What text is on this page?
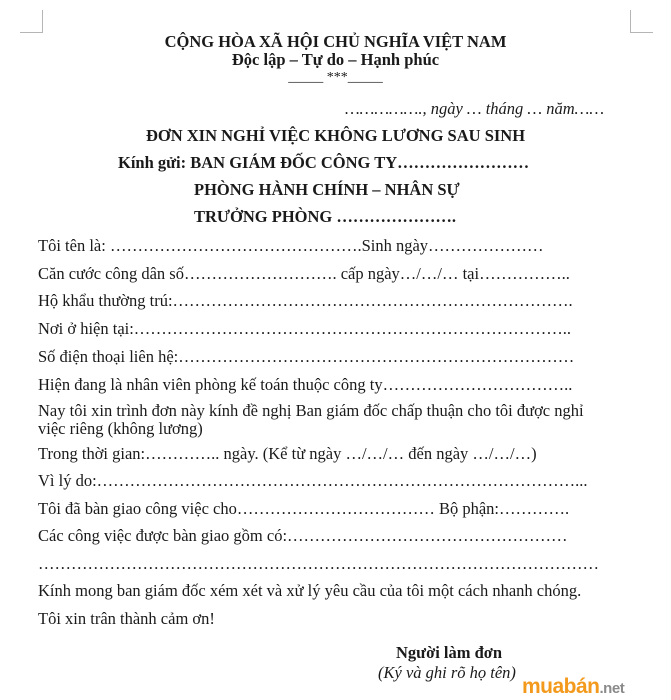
CỘNG HÒA XÃ HỘI CHỦ NGHĨA VIỆT NAM
Độc lập – Tự do – Hạnh phúc
_____ ***_____
……………., ngày … tháng … năm……
ĐƠN XIN NGHỈ VIỆC KHÔNG LƯƠNG SAU SINH
Kính gửi: BAN GIÁM ĐỐC CÔNG TY……………………
PHÒNG HÀNH CHÍNH – NHÂN SỰ
TRƯỞNG PHÒNG ………………….
Tôi tên là: ……………………………………….Sinh ngày…………………
Căn cước công dân số………………………. cấp ngày…/…/… tại……………..
Hộ khẩu thường trú:……………………………………………………………….
Nơi ở hiện tại:……………………………………………………………………..
Số điện thoại liên hệ:………………………………………………………………
Hiện đang là nhân viên phòng kế toán thuộc công ty……………………………..
Nay tôi xin trình đơn này kính đề nghị Ban giám đốc chấp thuận cho tôi được nghỉ
việc riêng (không lương)
Trong thời gian:………….. ngày. (Kể từ ngày …/…/… đến ngày …/…/…)
Vì lý do:……………………………………………………………………………...
Tôi đã bàn giao công việc cho……………………………… Bộ phận:………….
Các công việc được bàn giao gồm có:……………………………………………
…………………………………………………………………………………………
Kính mong ban giám đốc xém xét và xử lý yêu cầu của tôi một cách nhanh chóng.
Tôi xin trân thành cảm ơn!
Người làm đơn
(Ký và ghi rõ họ tên)
muabán.net
